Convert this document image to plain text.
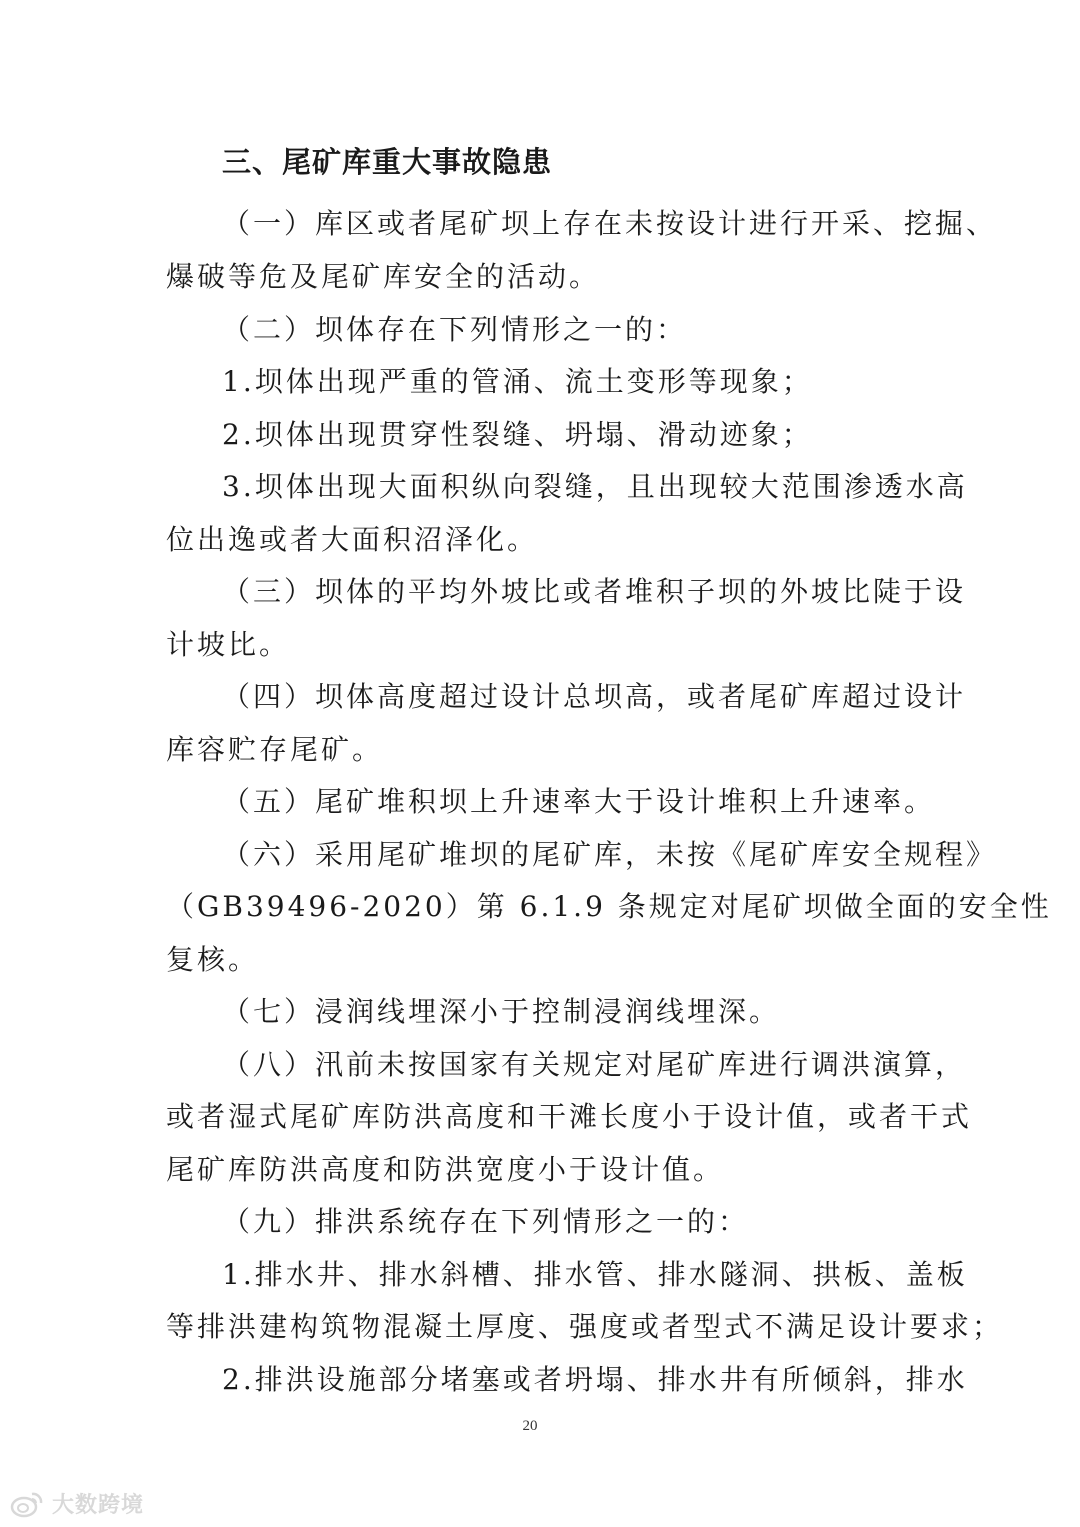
三、尾矿库重大事故隐患
（一）库区或者尾矿坝上存在未按设计进行开采、挖掘、
爆破等危及尾矿库安全的活动。
（二）坝体存在下列情形之一的：
1.坝体出现严重的管涌、流土变形等现象；
2.坝体出现贯穿性裂缝、坍塌、滑动迹象；
3.坝体出现大面积纵向裂缝，且出现较大范围渗透水高
位出逸或者大面积沼泽化。
（三）坝体的平均外坡比或者堆积子坝的外坡比陡于设
计坡比。
（四）坝体高度超过设计总坝高，或者尾矿库超过设计
库容贮存尾矿。
（五）尾矿堆积坝上升速率大于设计堆积上升速率。
（六）采用尾矿堆坝的尾矿库，未按《尾矿库安全规程》
（GB39496-2020）第 6.1.9 条规定对尾矿坝做全面的安全性
复核。
（七）浸润线埋深小于控制浸润线埋深。
（八）汛前未按国家有关规定对尾矿库进行调洪演算，
或者湿式尾矿库防洪高度和干滩长度小于设计值，或者干式
尾矿库防洪高度和防洪宽度小于设计值。
（九）排洪系统存在下列情形之一的：
1.排水井、排水斜槽、排水管、排水隧洞、拱板、盖板
等排洪建构筑物混凝土厚度、强度或者型式不满足设计要求；
2.排洪设施部分堵塞或者坍塌、排水井有所倾斜，排水
20
大数跨境
